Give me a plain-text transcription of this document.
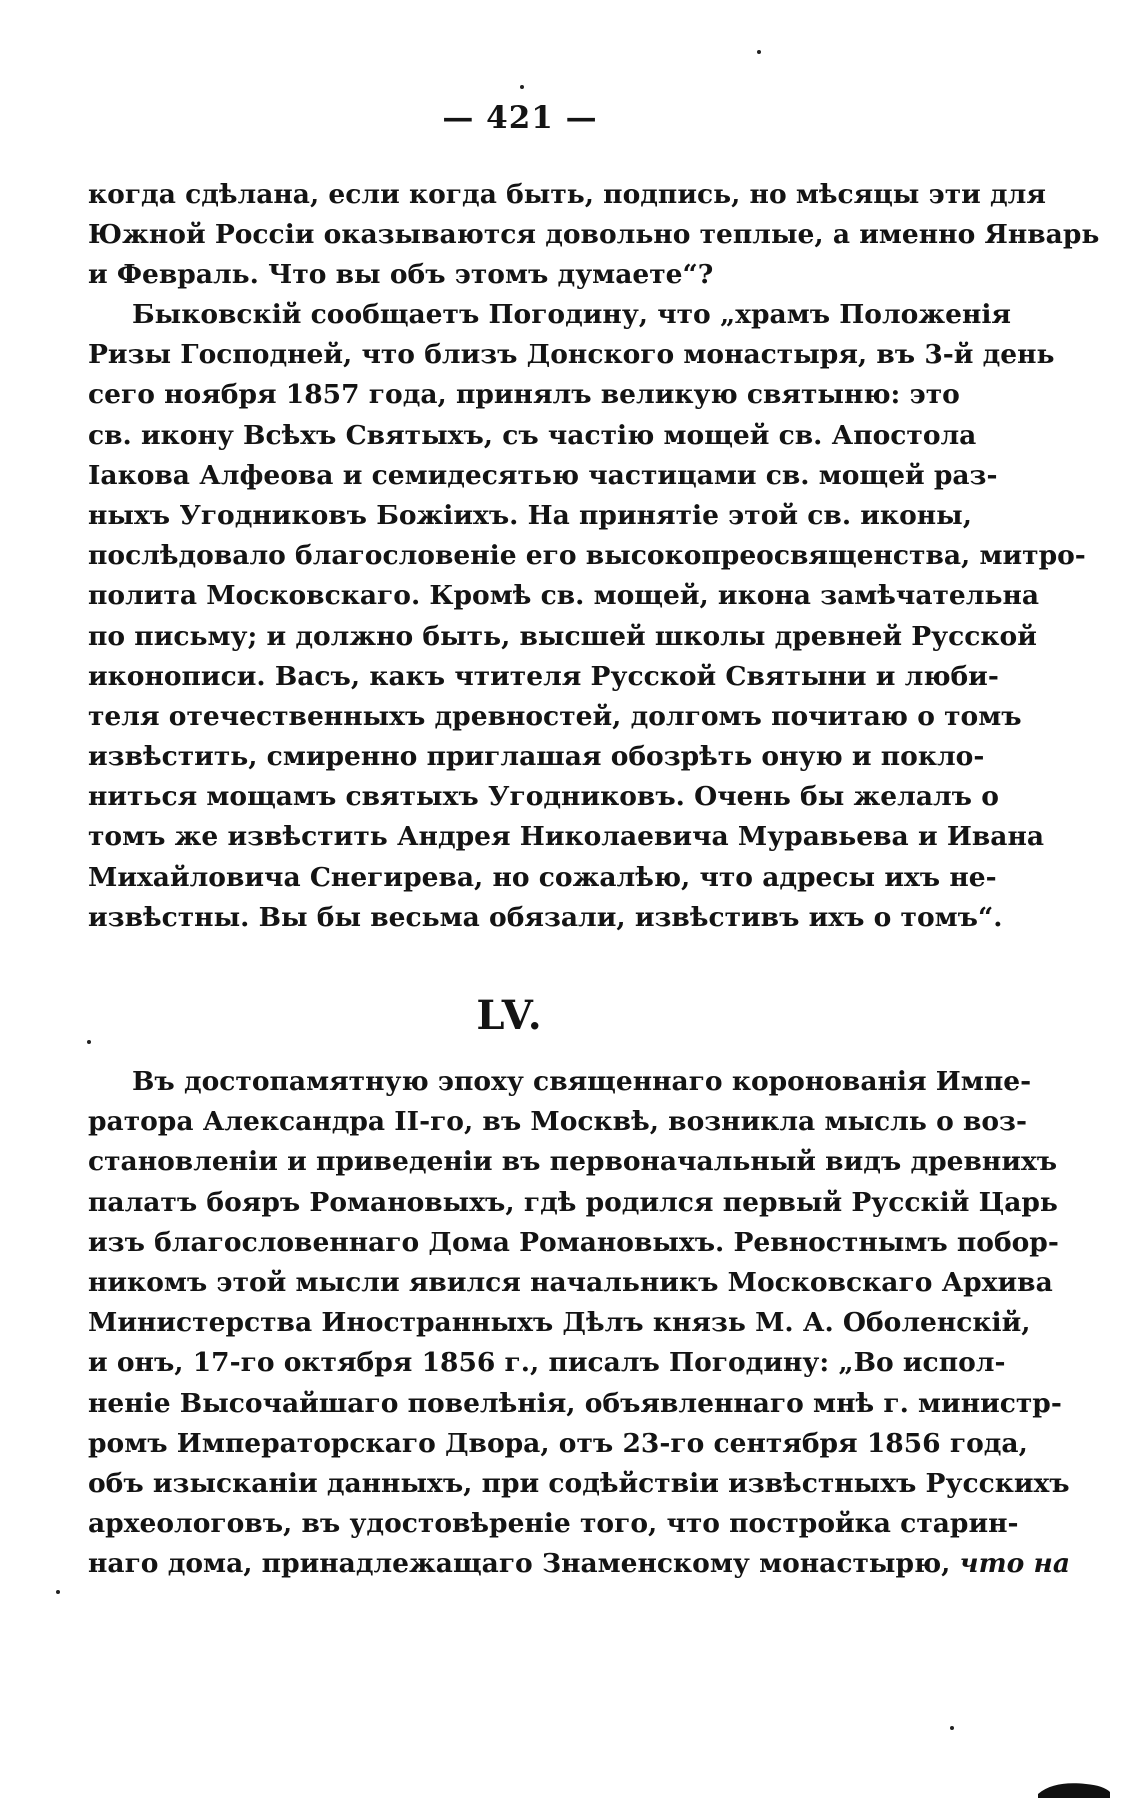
— 421 —
когда сдѣлана, если когда быть, подпись, но мѣсяцы эти для
Южной Россіи оказываются довольно теплые, а именно Январь
и Февраль. Что вы объ этомъ думаете“?
Быковскій сообщаетъ Погодину, что „храмъ Положенія
Ризы Господней, что близъ Донского монастыря, въ 3-й день
сего ноября 1857 года, принялъ великую святыню: это
св. икону Всѣхъ Святыхъ, съ частію мощей св. Апостола
Іакова Алфеова и семидесятью частицами св. мощей раз-
ныхъ Угодниковъ Божіихъ. На принятіе этой св. иконы,
послѣдовало благословеніе его высокопреосвященства, митро-
полита Московскаго. Кромѣ св. мощей, икона замѣчательна
по письму; и должно быть, высшей школы древней Русской
иконописи. Васъ, какъ чтителя Русской Святыни и люби-
теля отечественныхъ древностей, долгомъ почитаю о томъ
извѣстить, смиренно приглашая обозрѣть оную и покло-
ниться мощамъ святыхъ Угодниковъ. Очень бы желалъ о
томъ же извѣстить Андрея Николаевича Муравьева и Ивана
Михайловича Снегирева, но сожалѣю, что адресы ихъ не-
извѣстны. Вы бы весьма обязали, извѣстивъ ихъ о томъ“.
LV.
Въ достопамятную эпоху священнаго коронованія Импе-
ратора Александра II-го, въ Москвѣ, возникла мысль о воз-
становленіи и приведеніи въ первоначальный видъ древнихъ
палатъ бояръ Романовыхъ, гдѣ родился первый Русскій Царь
изъ благословеннаго Дома Романовыхъ. Ревностнымъ побор-
никомъ этой мысли явился начальникъ Московскаго Архива
Министерства Иностранныхъ Дѣлъ князь М. А. Оболенскій,
и онъ, 17-го октября 1856 г., писалъ Погодину: „Во испол-
неніе Высочайшаго повелѣнія, объявленнаго мнѣ г. министр-
ромъ Императорскаго Двора, отъ 23-го сентября 1856 года,
объ изысканіи данныхъ, при содѣйствіи извѣстныхъ Русскихъ
археологовъ, въ удостовѣреніе того, что постройка старин-
наго дома, принадлежащаго Знаменскому монастырю, что на
